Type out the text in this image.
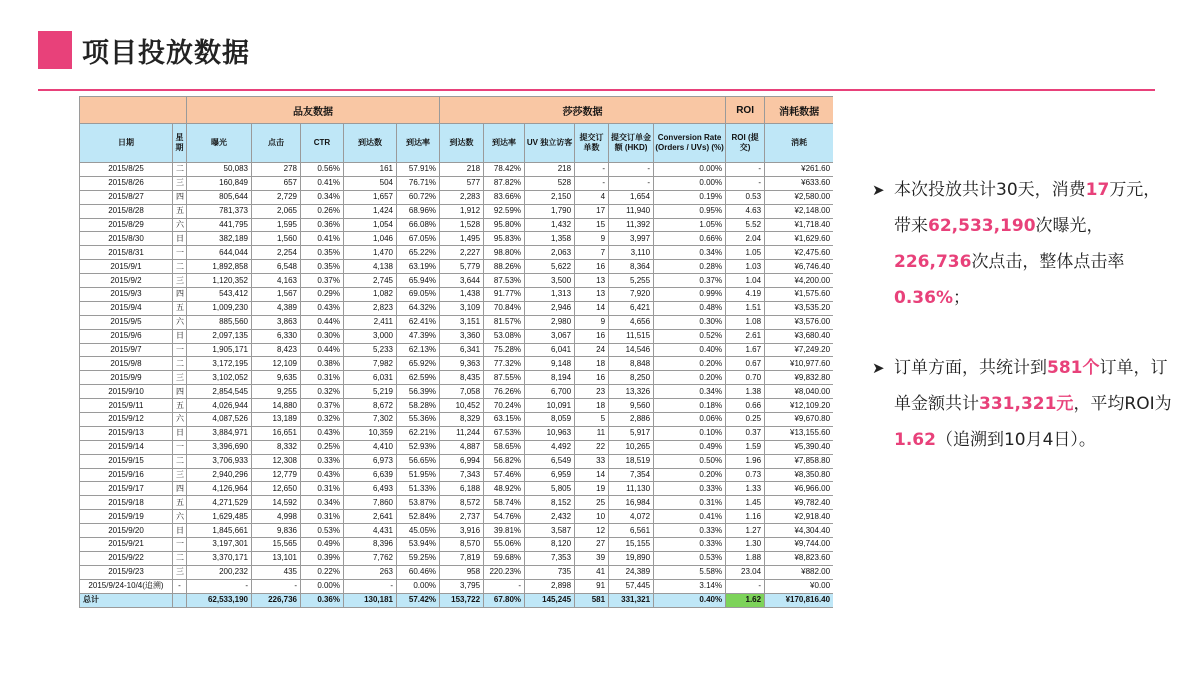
项目投放数据
		品友数据					莎莎数据						ROI	消耗数据
日期	星期	曝光	点击	CTR	到达数	到达率	到达数	到达率	UV 独立访客	提交订单数	提交订单金额 (HKD)	Conversion Rate (Orders / UVs) (%)	ROI (提交)	消耗
2015/8/25	二	50,083	278	0.56%	161	57.91%	218	78.42%	218	-	-	0.00%	-	¥261.60
2015/8/26	三	160,849	657	0.41%	504	76.71%	577	87.82%	528	-	-	0.00%	-	¥633.60
2015/8/27	四	805,644	2,729	0.34%	1,657	60.72%	2,283	83.66%	2,150	4	1,654	0.19%	0.53	¥2,580.00
2015/8/28	五	781,373	2,065	0.26%	1,424	68.96%	1,912	92.59%	1,790	17	11,940	0.95%	4.63	¥2,148.00
2015/8/29	六	441,795	1,595	0.36%	1,054	66.08%	1,528	95.80%	1,432	15	11,392	1.05%	5.52	¥1,718.40
2015/8/30	日	382,189	1,560	0.41%	1,046	67.05%	1,495	95.83%	1,358	9	3,997	0.66%	2.04	¥1,629.60
2015/8/31	一	644,044	2,254	0.35%	1,470	65.22%	2,227	98.80%	2,063	7	3,110	0.34%	1.05	¥2,475.60
2015/9/1	二	1,892,858	6,548	0.35%	4,138	63.19%	5,779	88.26%	5,622	16	8,364	0.28%	1.03	¥6,746.40
2015/9/2	三	1,120,352	4,163	0.37%	2,745	65.94%	3,644	87.53%	3,500	13	5,255	0.37%	1.04	¥4,200.00
2015/9/3	四	543,412	1,567	0.29%	1,082	69.05%	1,438	91.77%	1,313	13	7,920	0.99%	4.19	¥1,575.60
2015/9/4	五	1,009,230	4,389	0.43%	2,823	64.32%	3,109	70.84%	2,946	14	6,421	0.48%	1.51	¥3,535.20
2015/9/5	六	885,560	3,863	0.44%	2,411	62.41%	3,151	81.57%	2,980	9	4,656	0.30%	1.08	¥3,576.00
2015/9/6	日	2,097,135	6,330	0.30%	3,000	47.39%	3,360	53.08%	3,067	16	11,515	0.52%	2.61	¥3,680.40
2015/9/7	一	1,905,171	8,423	0.44%	5,233	62.13%	6,341	75.28%	6,041	24	14,546	0.40%	1.67	¥7,249.20
2015/9/8	二	3,172,195	12,109	0.38%	7,982	65.92%	9,363	77.32%	9,148	18	8,848	0.20%	0.67	¥10,977.60
2015/9/9	三	3,102,052	9,635	0.31%	6,031	62.59%	8,435	87.55%	8,194	16	8,250	0.20%	0.70	¥9,832.80
2015/9/10	四	2,854,545	9,255	0.32%	5,219	56.39%	7,058	76.26%	6,700	23	13,326	0.34%	1.38	¥8,040.00
2015/9/11	五	4,026,944	14,880	0.37%	8,672	58.28%	10,452	70.24%	10,091	18	9,560	0.18%	0.66	¥12,109.20
2015/9/12	六	4,087,526	13,189	0.32%	7,302	55.36%	8,329	63.15%	8,059	5	2,886	0.06%	0.25	¥9,670.80
2015/9/13	日	3,884,971	16,651	0.43%	10,359	62.21%	11,244	67.53%	10,963	11	5,917	0.10%	0.37	¥13,155.60
2015/9/14	一	3,396,690	8,332	0.25%	4,410	52.93%	4,887	58.65%	4,492	22	10,265	0.49%	1.59	¥5,390.40
2015/9/15	二	3,706,933	12,308	0.33%	6,973	56.65%	6,994	56.82%	6,549	33	18,519	0.50%	1.96	¥7,858.80
2015/9/16	三	2,940,296	12,779	0.43%	6,639	51.95%	7,343	57.46%	6,959	14	7,354	0.20%	0.73	¥8,350.80
2015/9/17	四	4,126,964	12,650	0.31%	6,493	51.33%	6,188	48.92%	5,805	19	11,130	0.33%	1.33	¥6,966.00
2015/9/18	五	4,271,529	14,592	0.34%	7,860	53.87%	8,572	58.74%	8,152	25	16,984	0.31%	1.45	¥9,782.40
2015/9/19	六	1,629,485	4,998	0.31%	2,641	52.84%	2,737	54.76%	2,432	10	4,072	0.41%	1.16	¥2,918.40
2015/9/20	日	1,845,661	9,836	0.53%	4,431	45.05%	3,916	39.81%	3,587	12	6,561	0.33%	1.27	¥4,304.40
2015/9/21	一	3,197,301	15,565	0.49%	8,396	53.94%	8,570	55.06%	8,120	27	15,155	0.33%	1.30	¥9,744.00
2015/9/22	二	3,370,171	13,101	0.39%	7,762	59.25%	7,819	59.68%	7,353	39	19,890	0.53%	1.88	¥8,823.60
2015/9/23	三	200,232	435	0.22%	263	60.46%	958	220.23%	735	41	24,389	5.58%	23.04	¥882.00
2015/9/24-10/4(追溯)	-	-	-	0.00%	-	0.00%	3,795	-	2,898	91	57,445	3.14%	-	¥0.00
总计		62,533,190	226,736	0.36%	130,181	57.42%	153,722	67.80%	145,245	581	331,321	0.40%	1.62	¥170,816.40
➤ 本次投放共计30天，消费17万元， 带来62,533,190次曝光， 226,736次点击，整体点击率0.36%；
➤ 订单方面，共统计到581个订单，订单金额共计331,321元，平均ROI为1.62（追溯到10月4日）。
